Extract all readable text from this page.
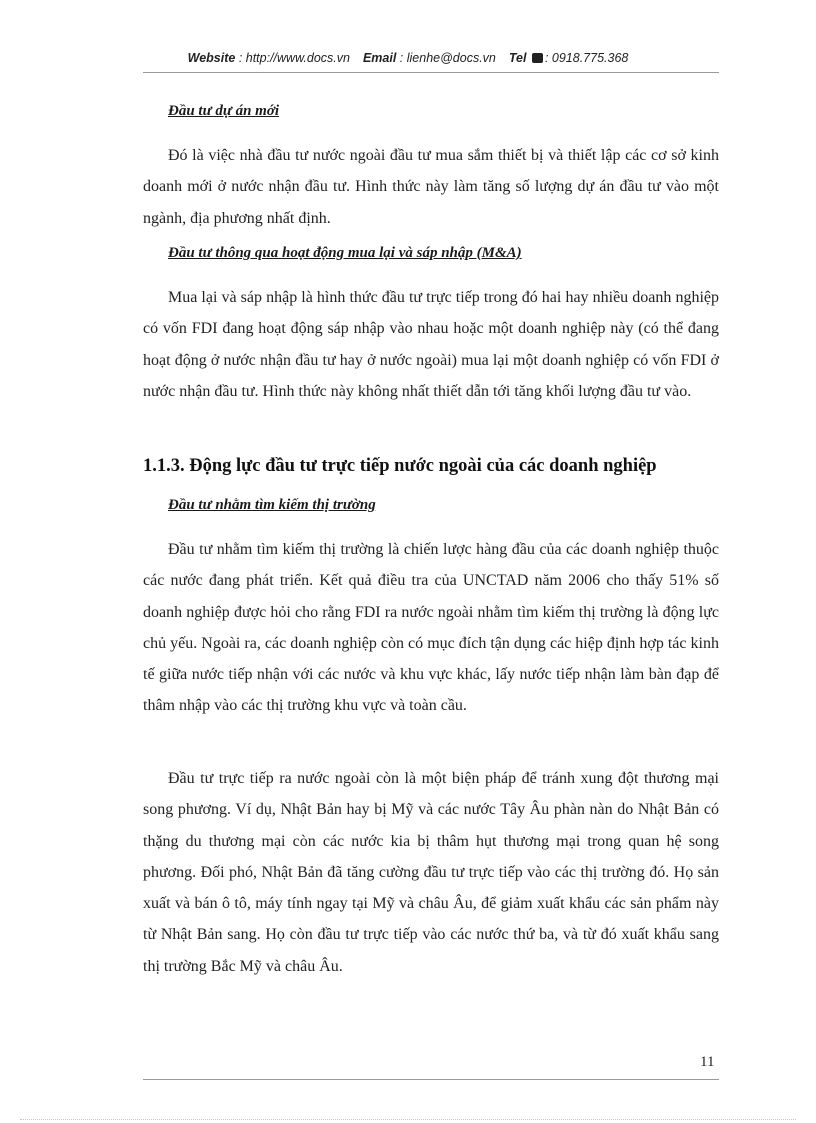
Website : http://www.docs.vn Email : lienhe@docs.vn Tel : 0918.775.368
Đầu tư dự án mới
Đó là việc nhà đầu tư nước ngoài đầu tư mua sắm thiết bị và thiết lập các cơ sở kinh doanh mới ở nước nhận đầu tư. Hình thức này làm tăng số lượng dự án đầu tư vào một ngành, địa phương nhất định.
Đầu tư thông qua hoạt động mua lại và sáp nhập (M&A)
Mua lại và sáp nhập là hình thức đầu tư trực tiếp trong đó hai hay nhiều doanh nghiệp có vốn FDI đang hoạt động sáp nhập vào nhau hoặc một doanh nghiệp này (có thể đang hoạt động ở nước nhận đầu tư hay ở nước ngoài) mua lại một doanh nghiệp có vốn FDI ở nước nhận đầu tư. Hình thức này không nhất thiết dẫn tới tăng khối lượng đầu tư vào.
1.1.3. Động lực đầu tư trực tiếp nước ngoài của các doanh nghiệp
Đầu tư nhằm tìm kiếm thị trường
Đầu tư nhằm tìm kiếm thị trường là chiến lược hàng đầu của các doanh nghiệp thuộc các nước đang phát triển. Kết quả điều tra của UNCTAD năm 2006 cho thấy 51% số doanh nghiệp được hỏi cho rằng FDI ra nước ngoài nhằm tìm kiếm thị trường là động lực chủ yếu. Ngoài ra, các doanh nghiệp còn có mục đích tận dụng các hiệp định hợp tác kinh tế giữa nước tiếp nhận với các nước và khu vực khác, lấy nước tiếp nhận làm bàn đạp để thâm nhập vào các thị trường khu vực và toàn cầu.
Đầu tư trực tiếp ra nước ngoài còn là một biện pháp để tránh xung đột thương mại song phương. Ví dụ, Nhật Bản hay bị Mỹ và các nước Tây Âu phàn nàn do Nhật Bản có thặng du thương mại còn các nước kia bị thâm hụt thương mại trong quan hệ song phương. Đối phó, Nhật Bản đã tăng cường đầu tư trực tiếp vào các thị trường đó. Họ sản xuất và bán ô tô, máy tính ngay tại Mỹ và châu Âu, để giảm xuất khẩu các sản phẩm này từ Nhật Bản sang. Họ còn đầu tư trực tiếp vào các nước thứ ba, và từ đó xuất khẩu sang thị trường Bắc Mỹ và châu Âu.
11
